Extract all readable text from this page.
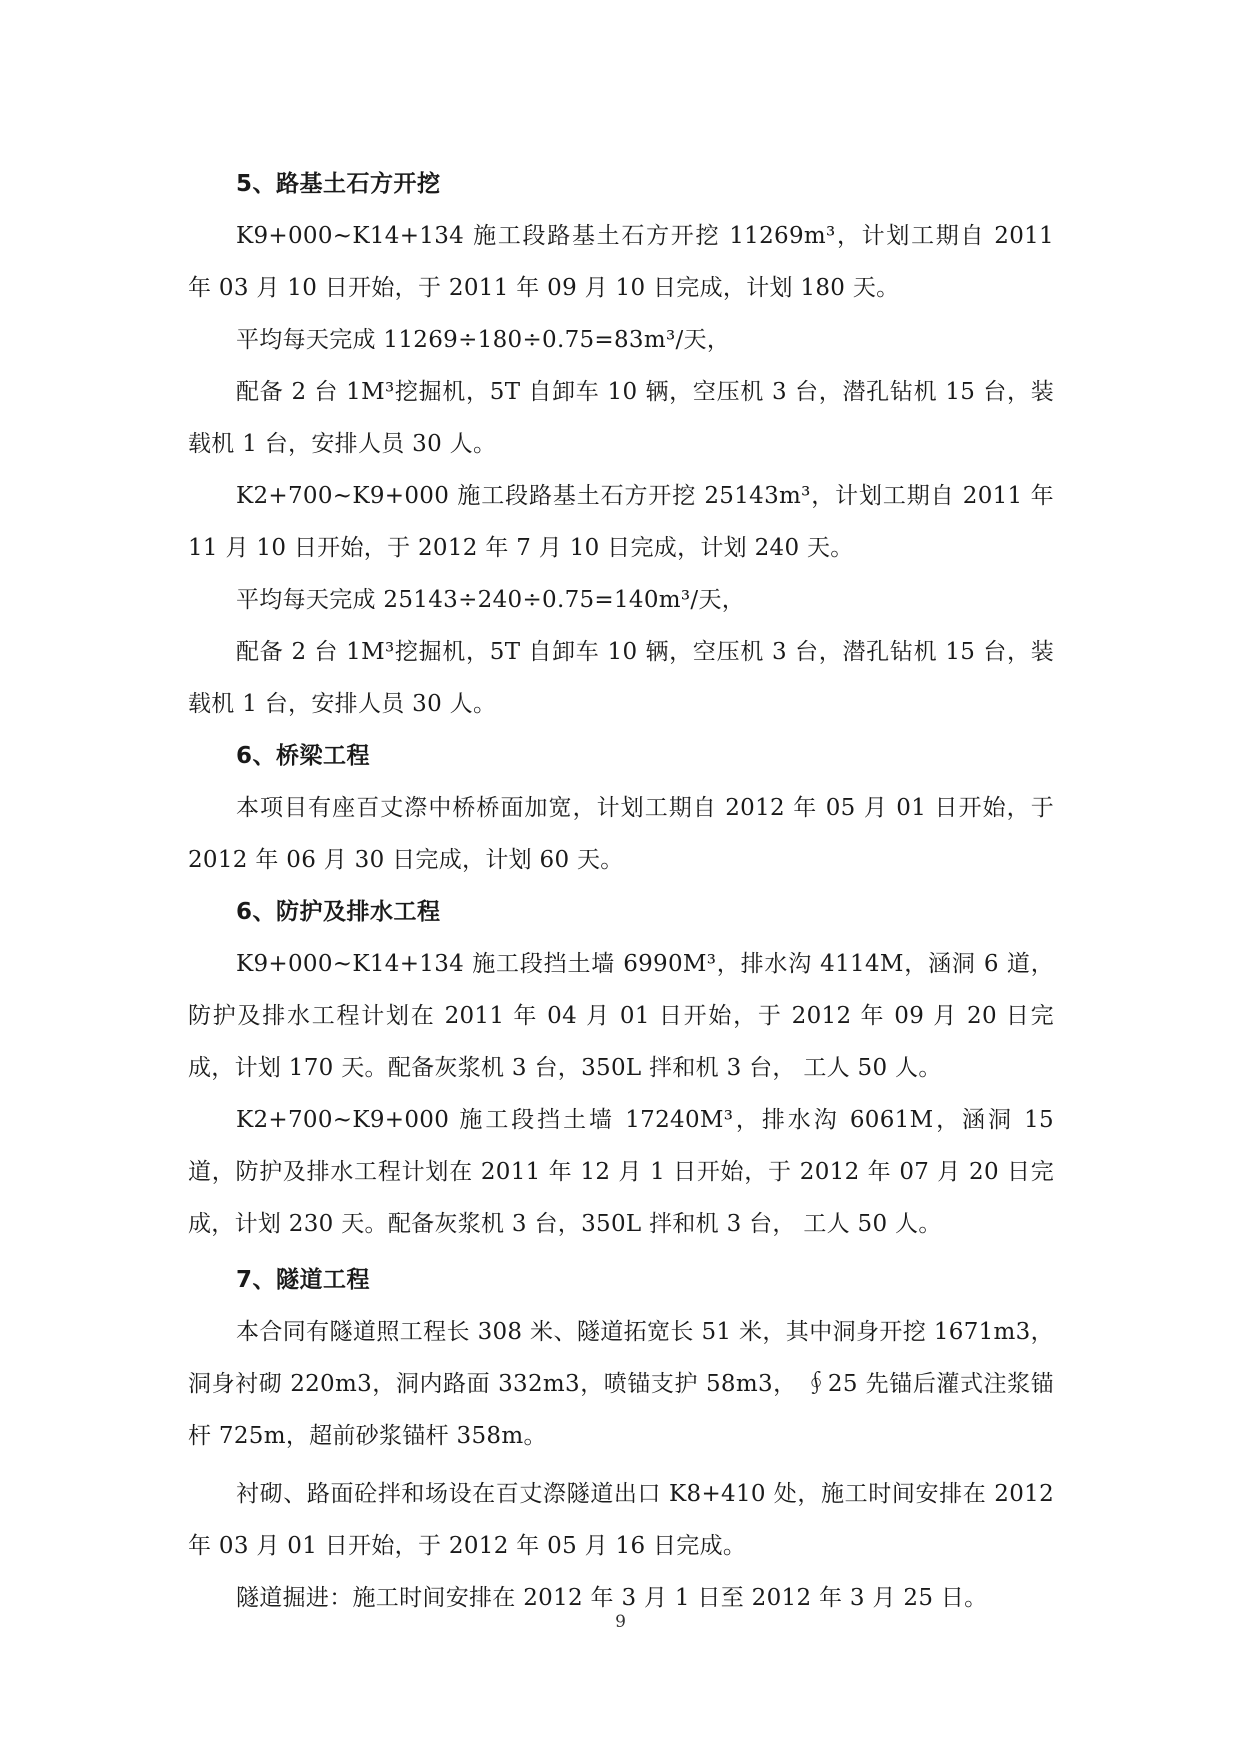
5、路基土石方开挖

K9+000~K14+134 施工段路基土石方开挖 11269m³，计划工期自 2011 年 03 月 10 日开始，于 2011 年 09 月 10 日完成，计划 180 天。

平均每天完成 11269÷180÷0.75=83m³/天，

配备 2 台 1M³挖掘机，5T 自卸车 10 辆，空压机 3 台，潜孔钻机 15 台，装载机 1 台，安排人员 30 人。

K2+700~K9+000 施工段路基土石方开挖 25143m³，计划工期自 2011 年 11 月 10 日开始，于 2012 年 7 月 10 日完成，计划 240 天。

平均每天完成 25143÷240÷0.75=140m³/天，

配备 2 台 1M³挖掘机，5T 自卸车 10 辆，空压机 3 台，潜孔钻机 15 台，装载机 1 台，安排人员 30 人。

6、桥梁工程

本项目有座百丈漈中桥桥面加宽，计划工期自 2012 年 05 月 01 日开始，于 2012 年 06 月 30 日完成，计划 60 天。

6、防护及排水工程

K9+000~K14+134 施工段挡土墙 6990M³，排水沟 4114M，涵洞 6 道，防护及排水工程计划在 2011 年 04 月 01 日开始，于 2012 年 09 月 20 日完成，计划 170 天。配备灰浆机 3 台，350L 拌和机 3 台， 工人 50 人。

K2+700~K9+000 施工段挡土墙 17240M³，排水沟 6061M，涵洞 15 道，防护及排水工程计划在 2011 年 12 月 1 日开始，于 2012 年 07 月 20 日完成，计划 230 天。配备灰浆机 3 台，350L 拌和机 3 台， 工人 50 人。

7、隧道工程

本合同有隧道照工程长 308 米、隧道拓宽长 51 米，其中洞身开挖 1671m3，洞身衬砌 220m3，洞内路面 332m3，喷锚支护 58m3， ∮25 先锚后灌式注浆锚杆 725m，超前砂浆锚杆 358m。

衬砌、路面砼拌和场设在百丈漈隧道出口 K8+410 处，施工时间安排在 2012 年 03 月 01 日开始，于 2012 年 05 月 16 日完成。

隧道掘进：施工时间安排在 2012 年 3 月 1 日至 2012 年 3 月 25 日。

9
